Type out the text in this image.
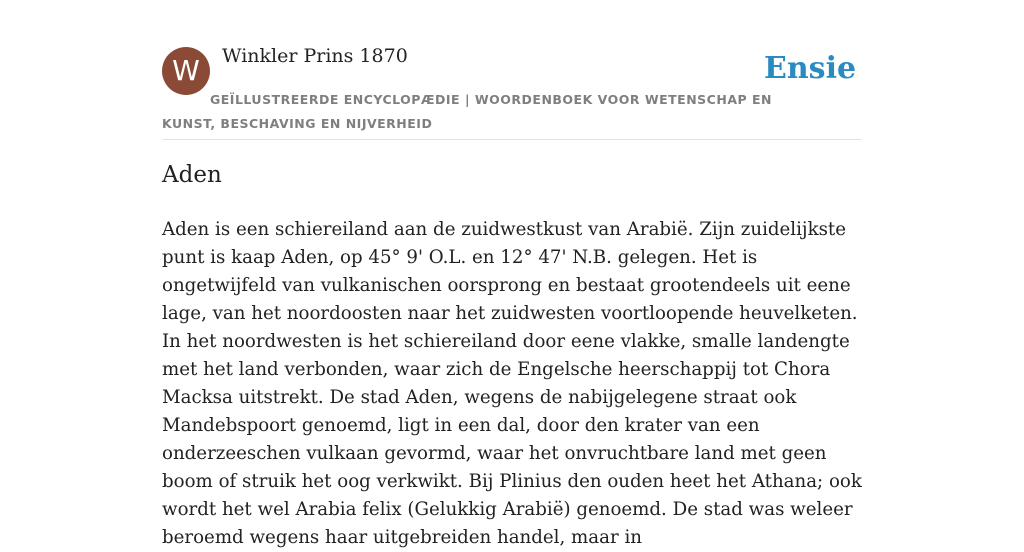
W	Winkler Prins 1870	Ensie
GEÏLLUSTREERDE ENCYCLOPÆDIE | WOORDENBOEK VOOR WETENSCHAP EN KUNST, BESCHAVING EN NIJVERHEID
Aden

Aden is een schiereiland aan de zuidwestkust van Arabië. Zijn zuidelijkste punt is kaap Aden, op 45° 9' O.L. en 12° 47' N.B. gelegen. Het is ongetwijfeld van vulkanischen oorsprong en bestaat grootendeels uit eene lage, van het noordoosten naar het zuidwesten voortloopende heuvelketen. In het noordwesten is het schiereiland door eene vlakke, smalle landengte met het land verbonden, waar zich de Engelsche heerschappij tot Chora Macksa uitstrekt. De stad Aden, wegens de nabijgelegene straat ook Mandebspoort genoemd, ligt in een dal, door den krater van een onderzeeschen vulkaan gevormd, waar het onvruchtbare land met geen boom of struik het oog verkwikt. Bij Plinius den ouden heet het Athana; ook wordt het wel Arabia felix (Gelukkig Arabië) genoemd. De stad was weleer beroemd wegens haar uitgebreiden handel, maar in
